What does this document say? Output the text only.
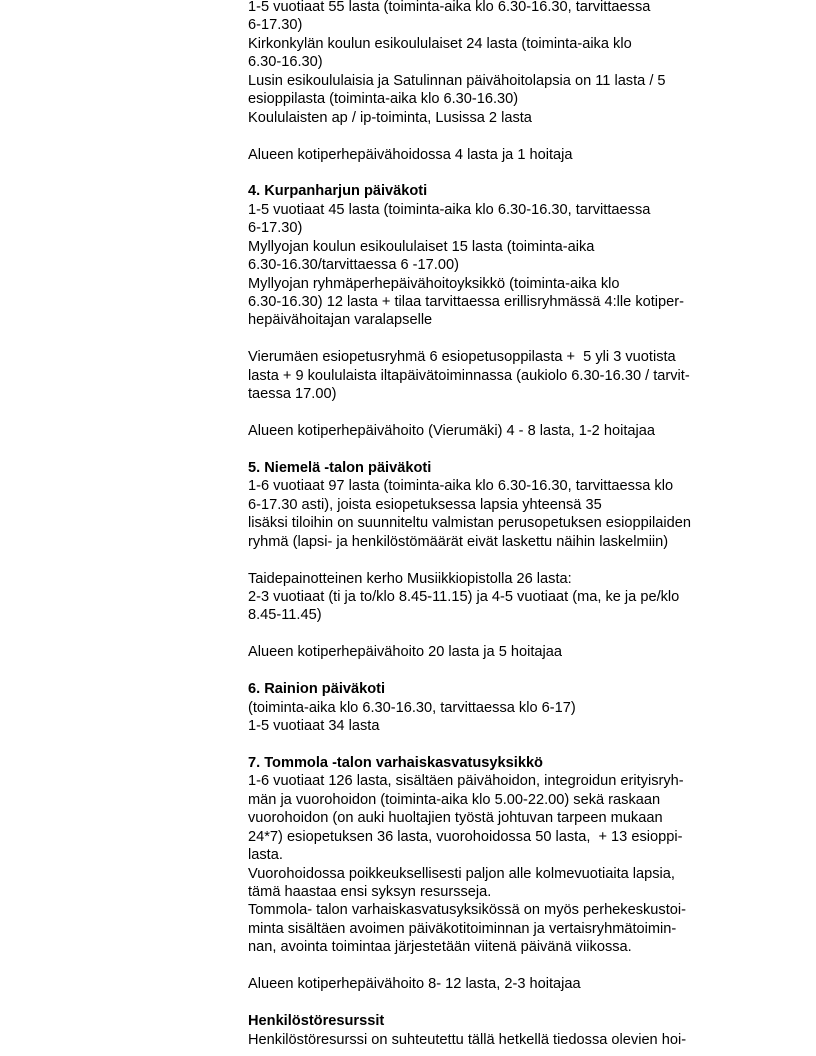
1-5 vuotiaat 55 lasta (toiminta-aika klo 6.30-16.30, tarvittaessa
6-17.30)
Kirkonkylän koulun esikoululaiset 24 lasta (toiminta-aika klo
6.30-16.30)
Lusin esikoululaisia ja Satulinnan päivähoitolapsia on 11 lasta / 5
esioppilasta (toiminta-aika klo 6.30-16.30)
Koululaisten ap / ip-toiminta, Lusissa 2 lasta
Alueen kotiperhepäivähoidossa 4 lasta ja 1 hoitaja
4. Kurpanharjun päiväkoti
1-5 vuotiaat 45 lasta (toiminta-aika klo 6.30-16.30, tarvittaessa
6-17.30)
Myllyojan koulun esikoululaiset 15 lasta (toiminta-aika
6.30-16.30/tarvittaessa 6 -17.00)
Myllyojan ryhmäperhepäivähoitoyksikkö (toiminta-aika klo
6.30-16.30) 12 lasta + tilaa tarvittaessa erillisryhmässä 4:lle kotiper-
hepäivähoitajan varalapselle
Vierumäen esiopetusryhmä 6 esiopetusoppilasta +  5 yli 3 vuotista
lasta + 9 koululaista iltapäivätoiminnassa (aukiolo 6.30-16.30 / tarvit-
taessa 17.00)
Alueen kotiperhepäivähoito (Vierumäki) 4 - 8 lasta, 1-2 hoitajaa
5. Niemelä -talon päiväkoti
1-6 vuotiaat 97 lasta (toiminta-aika klo 6.30-16.30, tarvittaessa klo
6-17.30 asti), joista esiopetuksessa lapsia yhteensä 35
lisäksi tiloihin on suunniteltu valmistan perusopetuksen esioppilaiden
ryhmä (lapsi- ja henkilöstömäärät eivät laskettu näihin laskelmiin)
Taidepainotteinen kerho Musiikkiopistolla 26 lasta:
2-3 vuotiaat (ti ja to/klo 8.45-11.15) ja 4-5 vuotiaat (ma, ke ja pe/klo
8.45-11.45)
Alueen kotiperhepäivähoito 20 lasta ja 5 hoitajaa
6. Rainion päiväkoti
(toiminta-aika klo 6.30-16.30, tarvittaessa klo 6-17)
1-5 vuotiaat 34 lasta
7. Tommola -talon varhaiskasvatusyksikkö
1-6 vuotiaat 126 lasta, sisältäen päivähoidon, integroidun erityisryh-
män ja vuorohoidon (toiminta-aika klo 5.00-22.00) sekä raskaan
vuorohoidon (on auki huoltajien työstä johtuvan tarpeen mukaan
24*7) esiopetuksen 36 lasta, vuorohoidossa 50 lasta,  + 13 esioppi-
lasta.
Vuorohoidossa poikkeuksellisesti paljon alle kolmevuotiaita lapsia,
tämä haastaa ensi syksyn resursseja.
Tommola- talon varhaiskasvatusyksikössä on myös perhekeskustoi-
minta sisältäen avoimen päiväkotitoiminnan ja vertaisryhmätoimin-
nan, avointa toimintaa järjestetään viitenä päivänä viikossa.
Alueen kotiperhepäivähoito 8- 12 lasta, 2-3 hoitajaa
Henkilöstöresurssit
Henkilöstöresurssi on suhteutettu tällä hetkellä tiedossa olevien hoi-
